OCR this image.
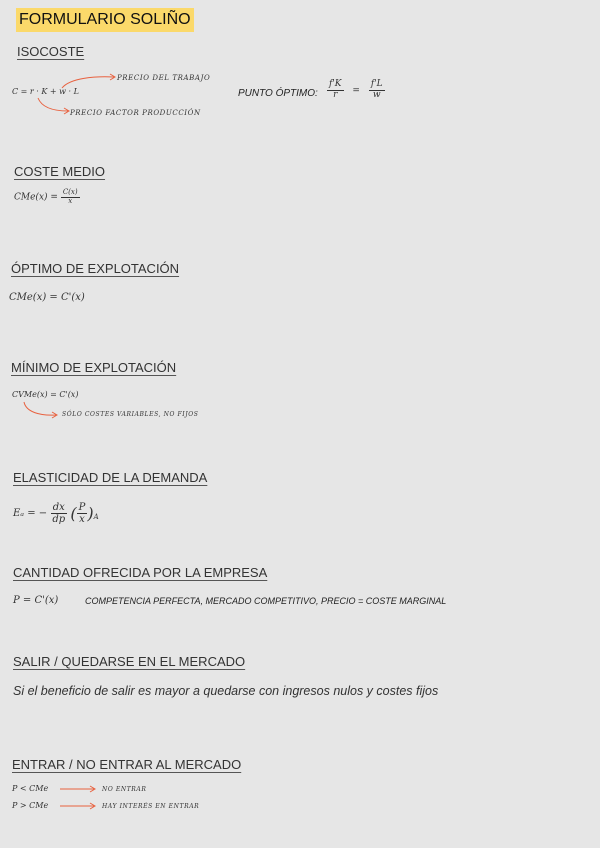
FORMULARIO SOLIÑO
ISOCOSTE
C = r · K + w · L
PRECIO DEL TRABAJO
PRECIO FACTOR PRODUCCIÓN
PUNTO ÓPTIMO: $\frac{f'K}{r} = \frac{f'L}{w}$
COSTE MEDIO
$CMe(x) = \frac{C(x)}{x}$
ÓPTIMO DE EXPLOTACIÓN
CMe(x) = C'(x)
MÍNIMO DE EXPLOTACIÓN
CVMe(x) = C'(x)
SÓLO COSTES VARIABLES, NO FIJOS
ELASTICIDAD DE LA DEMANDA
Eₐ = − $\frac{dx}{dp}$ ( $\frac{P}{x} )_A$
CANTIDAD OFRECIDA POR LA EMPRESA
P = C'(x)	COMPETENCIA PERFECTA, MERCADO COMPETITIVO, PRECIO = COSTE MARGINAL
SALIR / QUEDARSE EN EL MERCADO
Si el beneficio de salir es mayor a quedarse con ingresos nulos y costes fijos
ENTRAR / NO ENTRAR AL MERCADO
P < CMe
P > CMe
NO ENTRAR
HAY INTERÉS EN ENTRAR
